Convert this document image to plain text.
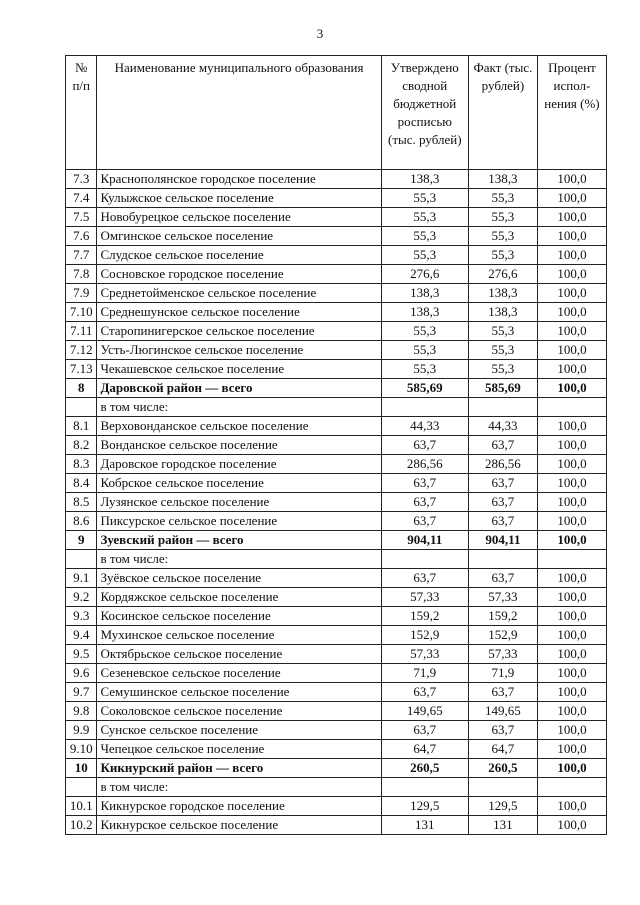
3
№ п/п	Наименование муниципального образования	Утверждено сводной бюджетной росписью (тыс. рублей)	Факт (тыс. рублей)	Процент испол-нения (%)
7.3	Краснополянское городское поселение	138,3	138,3	100,0
7.4	Кулыжское сельское поселение	55,3	55,3	100,0
7.5	Новобурецкое сельское поселение	55,3	55,3	100,0
7.6	Омгинское сельское поселение	55,3	55,3	100,0
7.7	Слудское сельское поселение	55,3	55,3	100,0
7.8	Сосновское городское поселение	276,6	276,6	100,0
7.9	Среднетойменское сельское поселение	138,3	138,3	100,0
7.10	Среднешунское сельское поселение	138,3	138,3	100,0
7.11	Старопинигерское сельское поселение	55,3	55,3	100,0
7.12	Усть-Люгинское сельское поселение	55,3	55,3	100,0
7.13	Чекашевское сельское поселение	55,3	55,3	100,0
8	Даровской район — всего	585,69	585,69	100,0
	в том числе:			
8.1	Верховонданское сельское поселение	44,33	44,33	100,0
8.2	Вонданское сельское поселение	63,7	63,7	100,0
8.3	Даровское городское поселение	286,56	286,56	100,0
8.4	Кобрское сельское поселение	63,7	63,7	100,0
8.5	Лузянское сельское поселение	63,7	63,7	100,0
8.6	Пиксурское сельское поселение	63,7	63,7	100,0
9	Зуевский район — всего	904,11	904,11	100,0
	в том числе:			
9.1	Зуёвское сельское поселение	63,7	63,7	100,0
9.2	Кордяжское сельское поселение	57,33	57,33	100,0
9.3	Косинское сельское поселение	159,2	159,2	100,0
9.4	Мухинское сельское поселение	152,9	152,9	100,0
9.5	Октябрьское сельское поселение	57,33	57,33	100,0
9.6	Сезеневское сельское поселение	71,9	71,9	100,0
9.7	Семушинское сельское поселение	63,7	63,7	100,0
9.8	Соколовское сельское поселение	149,65	149,65	100,0
9.9	Сунское сельское поселение	63,7	63,7	100,0
9.10	Чепецкое сельское поселение	64,7	64,7	100,0
10	Кикнурский район — всего	260,5	260,5	100,0
	в том числе:			
10.1	Кикнурское городское поселение	129,5	129,5	100,0
10.2	Кикнурское сельское поселение	131	131	100,0
